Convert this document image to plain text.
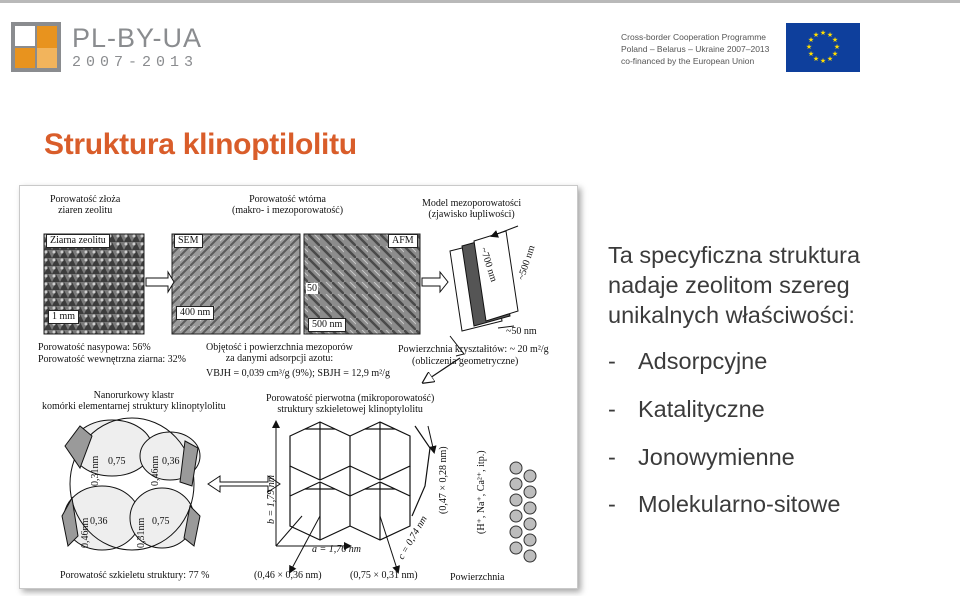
PL-BY-UA
2007-2013
Cross-border Cooperation Programme
Poland – Belarus – Ukraine 2007–2013
co-financed by the European Union
★ ★
★
★
★
★
★
★
★
★
★
★
Struktura klinoptilolitu
Porowatość złoża
ziaren zeolitu
Porowatość wtórna
(makro- i mezoporowatość)
Model mezoporowatości
(zjawisko łupliwości)
Ziarna zeolitu	SEM	AFM
1 mm	400 nm
500 nm
50
~700 nm ~500 nm
~50 nm
Porowatość nasypowa: 56%
Porowatość wewnętrzna ziarna: 32%
Objętość i powierzchnia mezoporów
za danymi adsorpcji azotu:
VBJH = 0,039 cm³/g (9%); SBJH = 12,9 m²/g
Powierzchnia kryształitów: ~ 20 m²/g
(obliczenia geometryczne)
Nanorurkowy klastr
komórki elementarnej struktury klinoptylolitu
Porowatość pierwotna (mikroporowatość)
struktury szkieletowej klinoptylolitu
0,75	0,36
0,31nm	0,46nm
0,46nm 0,36	0,31nm 0,75	b = 1,79 nm
a = 1,76 nm	c = 0,74 nm
(0,47 × 0,28 nm)	(H⁺, Na⁺, Ca²⁺, itp.)
Porowatość szkieletu struktury: 77 %	(0,46 × 0,36 nm)	(0,75 × 0,31 nm)	Powierzchnia
Ta specyficzna struktura
nadaje zeolitom szereg
unikalnych właściwości:
- Adsorpcyjne
- Katalityczne
- Jonowymienne
- Molekularno-sitowe
